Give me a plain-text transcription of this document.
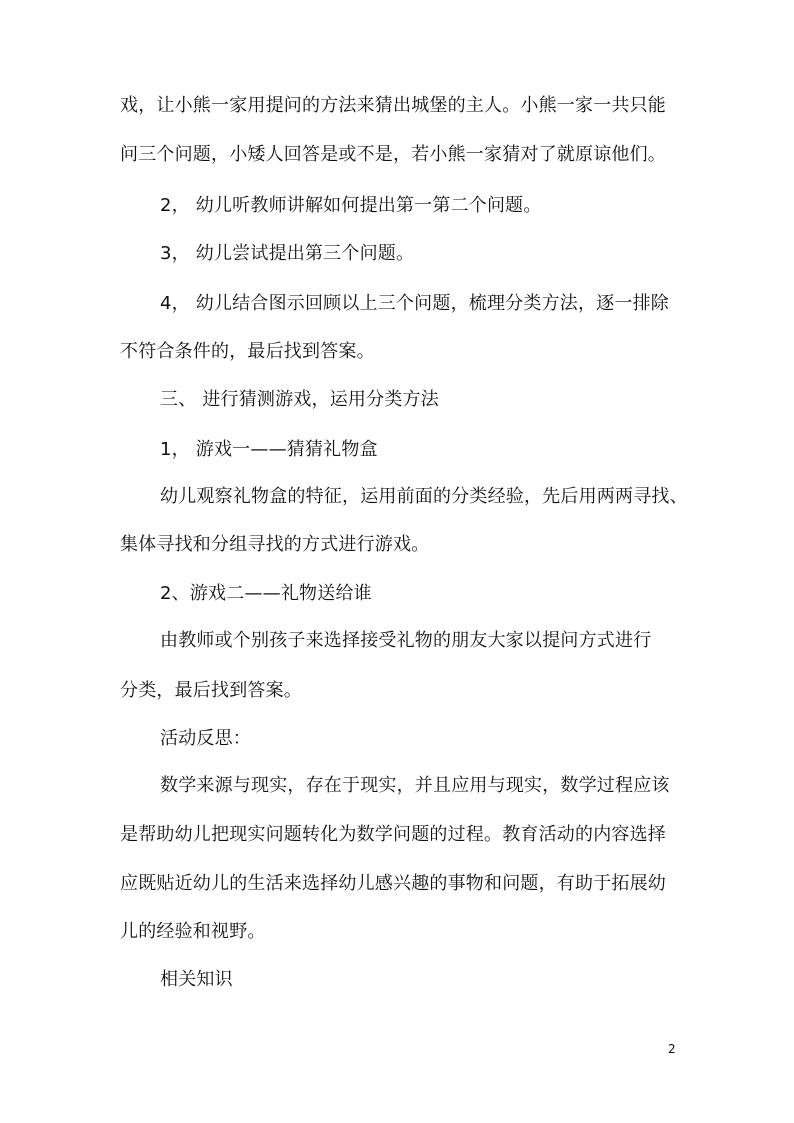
戏，让小熊一家用提问的方法来猜出城堡的主人。小熊一家一共只能
问三个问题，小矮人回答是或不是，若小熊一家猜对了就原谅他们。
2， 幼儿听教师讲解如何提出第一第二个问题。
3， 幼儿尝试提出第三个问题。
4， 幼儿结合图示回顾以上三个问题，梳理分类方法，逐一排除
不符合条件的，最后找到答案。
三、 进行猜测游戏，运用分类方法
1， 游戏一——猜猜礼物盒
幼儿观察礼物盒的特征，运用前面的分类经验，先后用两两寻找、
集体寻找和分组寻找的方式进行游戏。
2、游戏二——礼物送给谁
由教师或个别孩子来选择接受礼物的朋友大家以提问方式进行
分类，最后找到答案。
活动反思：
数学来源与现实，存在于现实，并且应用与现实，数学过程应该
是帮助幼儿把现实问题转化为数学问题的过程。教育活动的内容选择
应既贴近幼儿的生活来选择幼儿感兴趣的事物和问题，有助于拓展幼
儿的经验和视野。
相关知识
2
